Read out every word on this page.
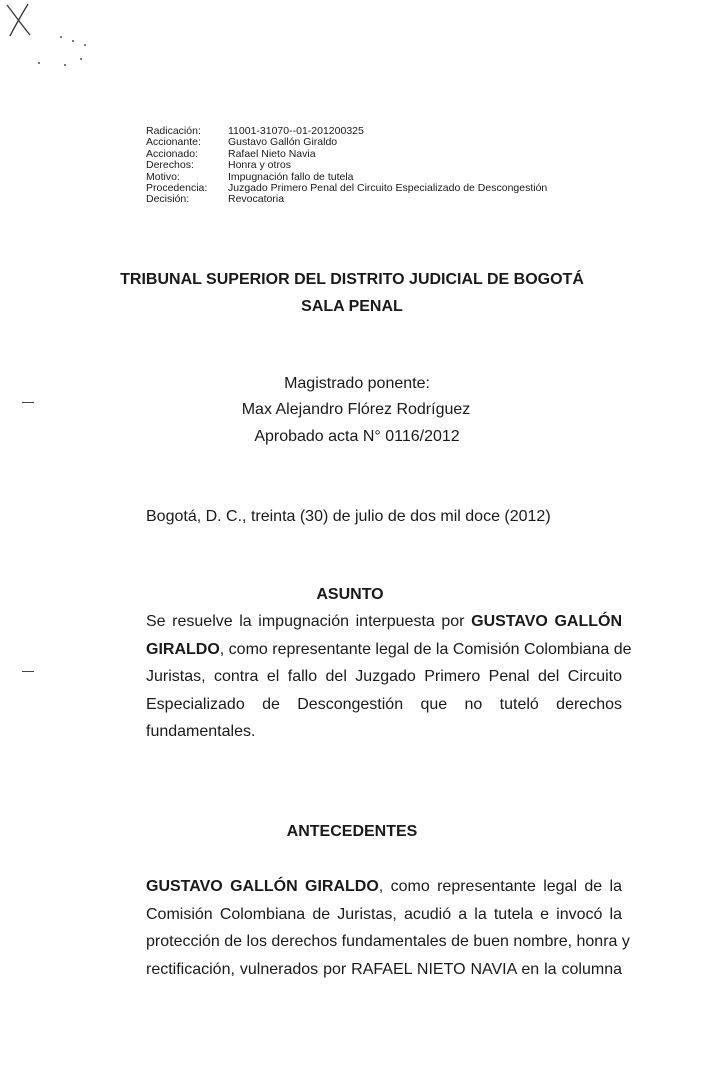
Radicación:	11001-31070--01-201200325
Accionante:	Gustavo Gallón Giraldo
Accionado:	Rafael Nieto Navia
Derechos:	Honra y otros
Motivo:	Impugnación fallo de tutela
Procedencia:	Juzgado Primero Penal del Circuito Especializado de Descongestión
Decisión:	Revocatoria
TRIBUNAL SUPERIOR DEL DISTRITO JUDICIAL DE BOGOTÁ
SALA PENAL
Magistrado ponente:
Max Alejandro Flórez Rodríguez
Aprobado acta N° 0116/2012
Bogotá, D. C., treinta (30) de julio de dos mil doce (2012)
ASUNTO
Se resuelve la impugnación interpuesta por GUSTAVO GALLÓN
GIRALDO, como representante legal de la Comisión Colombiana de
Juristas, contra el fallo del Juzgado Primero Penal del Circuito
Especializado de Descongestión que no tuteló derechos
fundamentales.
ANTECEDENTES
GUSTAVO GALLÓN GIRALDO, como representante legal de la
Comisión Colombiana de Juristas, acudió a la tutela e invocó la
protección de los derechos fundamentales de buen nombre, honra y
rectificación, vulnerados por RAFAEL NIETO NAVIA en la columna
